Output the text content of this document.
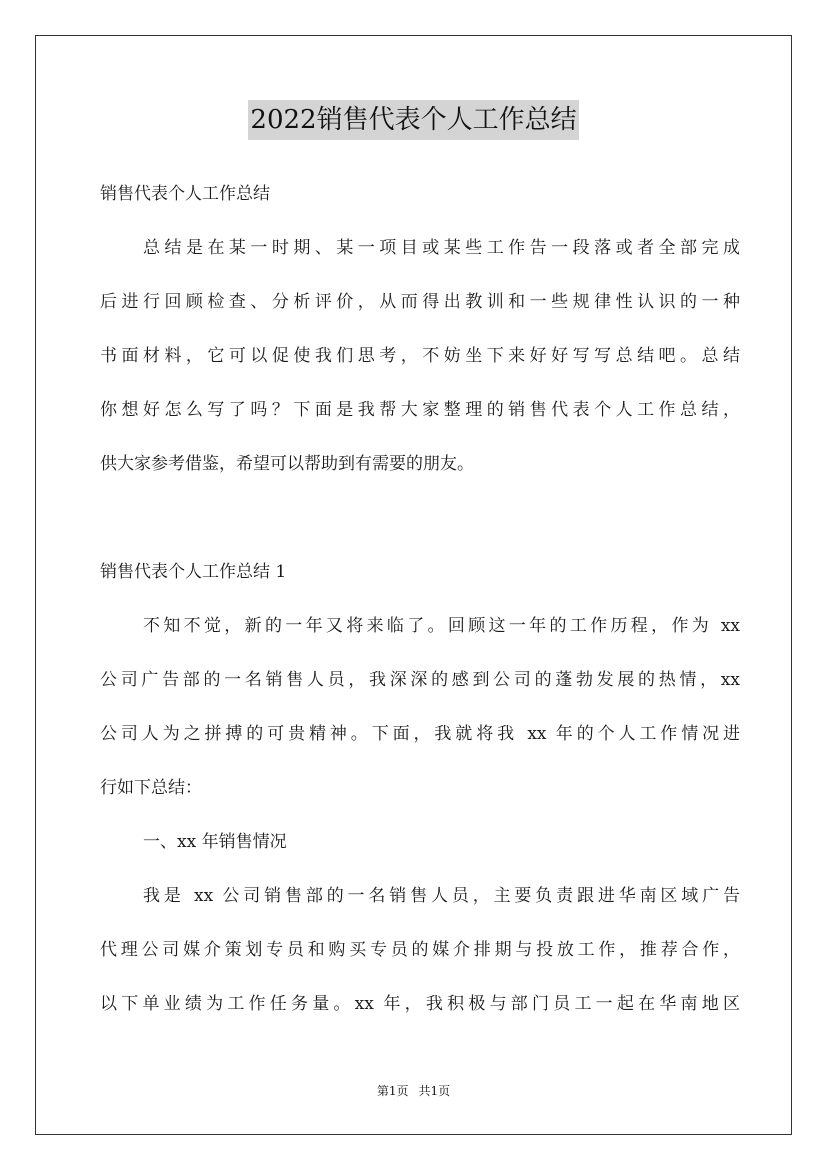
2022销售代表个人工作总结
销售代表个人工作总结
总结是在某一时期、某一项目或某些工作告一段落或者全部完成
后进行回顾检查、分析评价，从而得出教训和一些规律性认识的一种
书面材料，它可以促使我们思考，不妨坐下来好好写写总结吧。总结
你想好怎么写了吗？下面是我帮大家整理的销售代表个人工作总结，
供大家参考借鉴，希望可以帮助到有需要的朋友。
销售代表个人工作总结 1
不知不觉，新的一年又将来临了。回顾这一年的工作历程，作为 xx
公司广告部的一名销售人员，我深深的感到公司的蓬勃发展的热情，xx
公司人为之拼搏的可贵精神。下面，我就将我 xx 年的个人工作情况进
行如下总结：
一、xx 年销售情况
我是 xx 公司销售部的一名销售人员，主要负责跟进华南区域广告
代理公司媒介策划专员和购买专员的媒介排期与投放工作，推荐合作，
以下单业绩为工作任务量。xx 年，我积极与部门员工一起在华南地区
第1页 共1页
